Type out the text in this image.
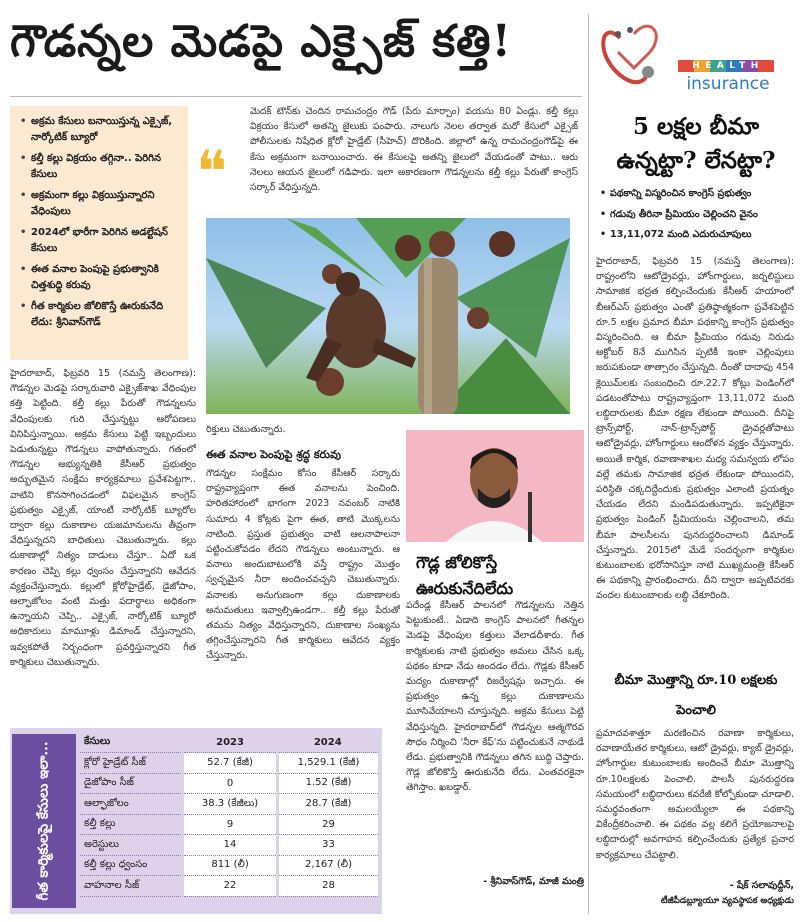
గౌడన్నల మెడపై ఎక్సైజ్ కత్తి!
• అక్రమ కేసులు బనాయిస్తున్న ఎక్సైజ్, నార్కోటిక్ బ్యూరో
• కల్తీ కల్లు విక్రయం తగ్గినా.. పెరిగిన కేసులు
• అక్రమంగా కల్లు విక్రయిస్తున్నారని వేధింపులు
• 2024లో భారీగా పెరిగిన అడల్టేషన్ కేసులు
• ఈత వనాల పెంపుపై ప్రభుత్వానికి చిత్తశుద్ధి కరువు
• గీత కార్మికుల జోలికొస్తే ఊరుకునేది లేదు: శ్రీనివాస్‌గౌడ్
❝
మెదక్ టౌన్‌కు చెందిన రామచంద్రం గౌడ్ (పేరు మార్చాం) వయసు 80 ఏండ్లు. కల్తీ కల్లు విక్రయం కేసులో అతన్ని జైలుకు పంపారు. నాలుగు నెలల తర్వాత మరో కేసులో ఎక్సైజ్ పోలీసులకు నిషేధిత క్లోరో హైడ్రేట్ (సీహెచ్) దొరికింది. జిల్లాలో ఉన్న రామచంద్రంగౌడ్‌పై ఈ కేసు అక్రమంగా బనాయించారు. ఈ కేసులపై అతన్ని జైలులో వేయడంతో పాటు.. ఆరు నెలలు ఆయన జైలులో గడిపారు. ఇలా అకారణంగా గౌడన్నలను కల్తీ కల్లు పేరుతో కాంగ్రెస్ సర్కార్ వేధిస్తున్నది.
హైదరాబాద్, ఫిబ్రవరి 15 (నమస్తే తెలంగాణ): గౌడన్నల మెడపై సర్కారువారి ఎక్సైజ్‌శాఖ వేధింపుల కత్తి పెట్టింది. కల్తీ కల్లు పేరుతో గౌడన్నలను వేధింపులకు గురి చేస్తున్నట్టు ఆరోపణలు వినిపిస్తున్నాయి. అక్రమ కేసులు పెట్టి ఇబ్బందులు పెడుతున్నట్టు గౌడన్నలు వాపోతున్నారు. గతంలో గౌడన్నల అభ్యున్నతికి కేసీఆర్ ప్రభుత్వం అద్భుతమైన సంక్షేమ కార్యక్రమాలు ప్రవేశపెట్టగా.. వాటిని కొనసాగించడంలో విఫలమైన కాంగ్రెస్ ప్రభుత్వం ఎక్సైజ్, యాంటీ నార్కోటిక్ బ్యూరోల ద్వారా కల్లు దుకాణాల యజమానులను తీవ్రంగా వేధిస్తున్నదని బాధితులు చెబుతున్నారు. కల్లు దుకాణాల్లో నిత్యం దాడులు చేస్తూ.. ఏదో ఒక కారణం చెప్పి కల్లు ధ్వంసం చేస్తున్నారని ఆవేదన వ్యక్తంచేస్తున్నారు. కల్లులో క్లోరోహైడ్రేట్, డైజోపాం, ఆల్ఫాజోలం వంటి మత్తు పదార్థాలు అధికంగా ఉన్నాయని చెప్పి.. ఎక్సైజ్, నార్కోటిక్ బ్యూరో అధికారులు మామూళ్లు డిమాండ్ చేస్తున్నారని, ఇవ్వకపోతే నిర్బంధంగా ప్రవర్తిస్తున్నారని గీత కార్మికులు చెబుతున్నారు.
రిక్తులు చెబుతున్నారు.
ఈత వనాల పెంపుపై శ్రద్ధ కరువు
గౌడన్నల సంక్షేమం కోసం కేసీఆర్ సర్కారు రాష్ట్రవ్యాప్తంగా ఈత వనాలను పెంచింది. హరితహారంలో భాగంగా 2023 నవంబర్ నాటికి సుమారు 4 కోట్లకు పైగా ఈత, తాటి మొక్కలను నాటింది. ప్రస్తుత ప్రభుత్వం వాటి ఆలనాపాలనా పట్టించుకోవడం లేదని గౌడన్నలు అంటున్నారు. ఆ వనాలు అందుబాటులోకి వస్తే రాష్ట్రం మొత్తం స్వచ్ఛమైన నీరా అందించవచ్చని చెబుతున్నారు. వనాలకు అనుగుణంగా కల్లు దుకాణాలకు అనుమతులు ఇవ్వాల్సిఉండగా.. కల్తీ కల్లు పేరుతో తమను నిత్యం వేధిస్తున్నారని, దుకాణాల సంఖ్యను తగ్గించేస్తున్నారని గీత కార్మికులు ఆవేదన వ్యక్తం చేస్తున్నారు.
గౌడ్ల జోలికొస్తే ఊరుకునేదిలేదు
పదేండ్ల కేసీఆర్ పాలనలో గౌడన్నలను నెత్తిన పెట్టుకుంటే.. ఏడాది కాంగ్రెస్ పాలనలో గీతన్నల మెడపై వేధింపుల కత్తులు వేలాడదీశారు. గీత కార్మికులకు నాటి ప్రభుత్వం అమలు చేసిన ఒక్క పథకం కూడా నేడు అందడం లేదు. గౌడ్లకు కేసీఆర్ మద్యం దుకాణాల్లో రిజర్వేషన్లు ఇచ్చారు. ఈ ప్రభుత్వం ఉన్న కల్లు దుకాణాలను మూసివేయాలని చూస్తున్నది. అక్రమ కేసులు పెట్టి వేధిస్తున్నది. హైదరాబాద్‌లో గౌడన్నల ఆత్మగౌరవ సౌధం నిర్మించి 'నీరా కేఫ్'ను పట్టించుకునే నాథుడే లేడు. ప్రభుత్వానికి గౌడన్నలు తగిన బుద్ధి చెప్తారు. గౌడ్ల జోలికొస్తే ఊరుకునేది లేదు. ఎంతవరకైనా తెగిస్తాం. ఖబడ్దార్.
- శ్రీనివాస్‌గౌడ్, మాజీ మంత్రి
గీత కార్మికులపై కేసులు ఇలా...	కేసులు	2023	2024
క్లోరో హైడ్రేట్ సీజ్	52.7 (కేజీ)	1,529.1 (కేజీ)
డైజోపాం సీజ్	0	1.52 (కేజీ)
ఆల్ఫాజోలం	38.3 (కేజీలు)	28.7 (కేజీ)
కల్తీ కల్లు	9	29
అరెస్టులు	14	33
కల్తీ కల్లు ధ్వంసం	811 (లీ)	2,167 (లీ)
వాహనాల సీజ్	22	28
HEALTH
insurance
5 లక్షల బీమా ఉన్నట్టా? లేనట్టా?
• పథకాన్ని విస్మరించిన కాంగ్రెస్ ప్రభుత్వం
• గడువు తీరినా ప్రీమియం చెల్లించని వైనం
• 13,11,072 మంది ఎదురుచూపులు
హైదరాబాద్, ఫిబ్రవరి 15 (నమస్తే తెలంగాణ): రాష్ట్రంలోని ఆటోడ్రైవర్లు, హోంగార్డులు, జర్నలిస్టులు సామాజిక భద్రత కల్పించేందుకు కేసీఆర్ హయాంలో బీఆర్ఎస్ ప్రభుత్వం ఎంతో ప్రతిష్ఠాత్మకంగా ప్రవేశపెట్టిన రూ.5 లక్షల ప్రమాద బీమా పథకాన్ని కాంగ్రెస్ ప్రభుత్వం విస్మరించింది. ఆ బీమా ప్రీమియం గడువు నిరుడు అక్టోబర్ 8నే ముగిసిన ప్పటికీ ఇంకా చెల్లింపులు జరుపకుండా తాత్సారం చేస్తున్నది. దీంతో దాదాపు 454 క్లెయిమ్‌లకు సంబంధించి రూ.22.7 కోట్లు పెండింగ్‌లో పడటంతోపాటు రాష్ట్రవ్యాప్తంగా 13,11,072 మంది లబ్ధిదారులకు బీమా రక్షణ లేకుండా పోయింది. దీనిపై ట్రాన్స్‌పోర్ట్, నాన్-ట్రాన్స్‌పోర్ట్ డ్రైవర్లతోపాటు ఆటోడ్రైవర్లు, హోంగార్డులు ఆందోళన వ్యక్తం చేస్తున్నారు. అయితే కార్మిక, రవాణాశాఖల మధ్య సమన్వయ లోపం వల్లే తమకు సామాజిక భద్రత లేకుండా పోయిందని, పరిస్థితి చక్కదిద్దేందుకు ప్రభుత్వం ఎలాంటి ప్రయత్నం చేయడం లేదని మండిపడుతున్నారు. ఇప్పటికైనా ప్రభుత్వం పెండింగ్ ప్రీమియంను చెల్లించాలని, తమ బీమా పాలసీలను పునరుద్ధరించాలని డిమాండ్ చేస్తున్నారు. 2015లో మేడే సందర్భంగా కార్మికుల కుటుంబాలకు భరోసానిస్తూ నాటి ముఖ్యమంత్రి కేసీఆర్ ఈ పథకాన్ని ప్రారంభించారు. దీని ద్వారా అప్పటివరకు వందల కుటుంబాలకు లబ్ధి చేకూరింది.
బీమా మొత్తాన్ని రూ.10 లక్షలకు పెంచాలి
ప్రమాదవశాత్తూ మరణించిన రవాణా కార్మికులు, రవాణాయేతర కార్మికులు, ఆటో డ్రైవర్లు, క్యాబ్ డ్రైవర్లు, హోంగార్డుల కుటుంబాలకు అందించే బీమా మొత్తాన్ని రూ.10లక్షలకు పెంచాలి. పాలసీ పునరుద్ధరణ సమయంలో లబ్ధిదారులు కవరేజీ కోల్పోకుండా చూడాలి. సమర్థవంతంగా అమలయ్యేలా ఈ పథకాన్ని వికేంద్రీకరించాలి. ఈ పథకం వల్ల కలిగే ప్రయోజనాలపై లబ్ధిదారుల్లో అవగాహన కల్పించేందుకు ప్రత్యేక ప్రచార కార్యక్రమాలు చేపట్టాలి.
- షేక్ సలావుద్దీన్,
టీజీపీడబ్ల్యూయూ వ్యవస్థాపక అధ్యక్షుడు
